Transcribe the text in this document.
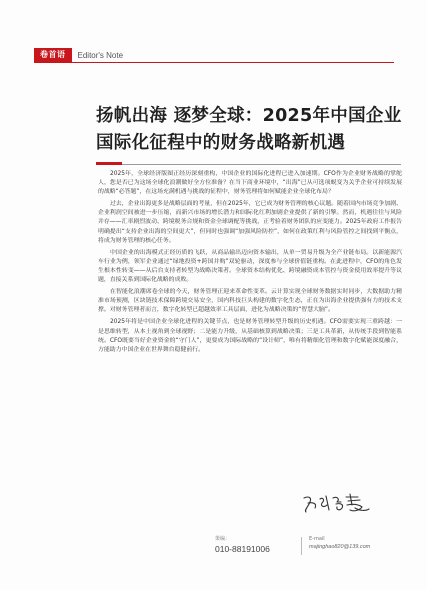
卷首语	Editor's Note
扬帆出海 逐梦全球：2025年中国企业
国际化征程中的财务战略新机遇

2025年，全球经济版图正经历深刻重构，中国企业的国际化进程已进入加速期。CFO作为企业财务战略的掌舵人，您是否已为这场全球化浪潮做好全方位准备？在当下商业环境中，“出海”已从可选项蜕变为关乎企业可持续发展的战略“必答题”，在这场充满机遇与挑战的征程中，财务管理将如何赋能企业全球化布局？

过去，企业出海更多是战略层面的考量，但在2025年，它已成为财务管理的核心议题。随着国内市场竞争加剧、企业利润空间被进一步压缩，而新兴市场的增长潜力和国际化红利加剧企业提供了新的引擎。然而，机遇往往与风险并存——汇率剧烈波动、跨境税务合规和资金全球调配等挑战，正考验着财务团队的应变能力。2025年政府工作报告明确提出“支持企业出海的空间更大”，但同时也强调“加强风险防控”，如何在政策红利与风险管控之间找到平衡点，将成为财务管理的核心任务。

中国企业的出海模式正经历质的飞跃，从商品输出迈向资本输出，从单一贸易升级为全产业链布局。以新能源汽车行业为例，领军企业通过“绿地投资+跨国并购”双轮驱动，深度参与全球价值链重构。在此进程中，CFO的角色发生根本性转变——从后台支持者转型为战略决策者。全球资本结构优化、跨境融资成本管控与资金使用效率提升等议题，直接关系到国际化战略的成败。

在智能化浪潮席卷全球的今天，财务管理正迎来革命性变革。云计算实现全球财务数据实时同步，大数据助力精准市场预测，区块链技术保障跨境交易安全，国内科技巨头构建的数字化生态，正在为出海企业提供强有力的技术支撑。对财务管理者而言，数字化转型已超越效率工具层面，进化为战略决策的“智慧大脑”。

2025年将是中国企业全球化进程的关键节点，也是财务管理转型升级的历史机遇。CFO需要实现三重跨越：一是思维转型，从本土视角到全球视野；二是能力升级，从基础核算到战略决策；三是工具革新，从传统手段到智能系统。CFO既要当好企业资金的“守门人”，更要成为国际战略的“设计师”，唯有将精细化管理和数字化赋能深度融合，方能助力中国企业在世界舞台稳健前行。

策编：
010-88191006
E-mail
majinghao820@139.com
